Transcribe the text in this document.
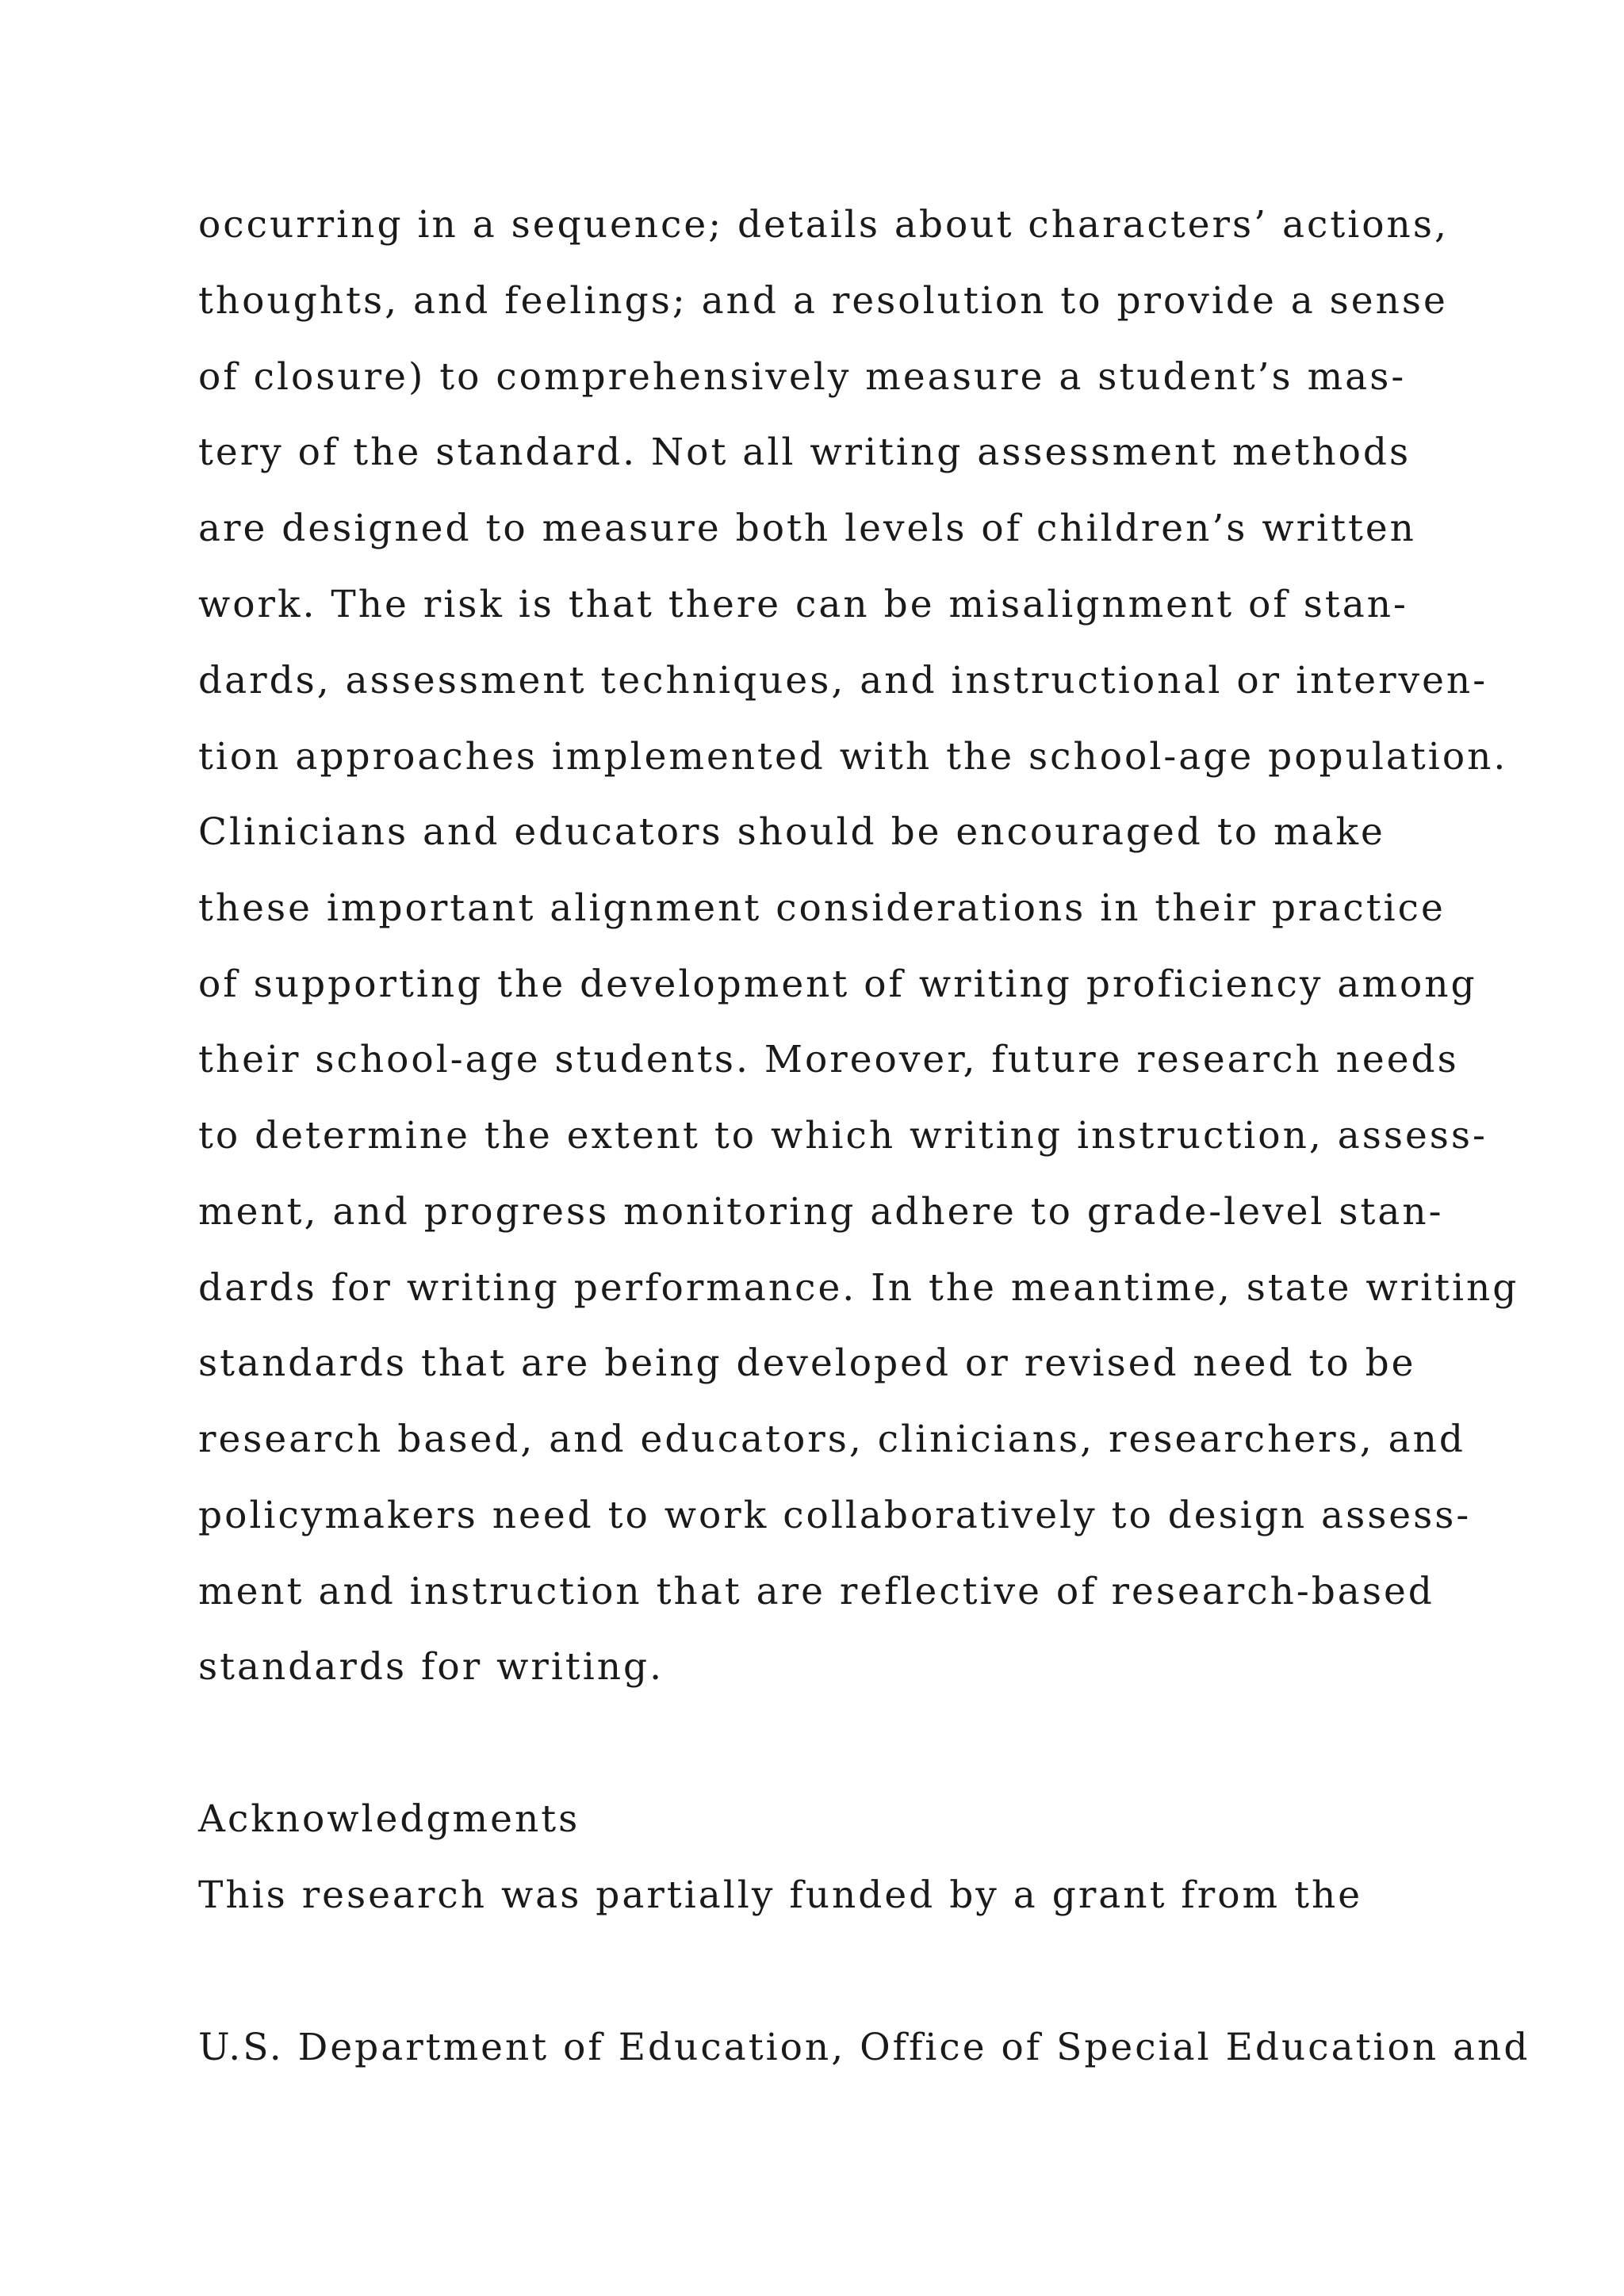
occurring in a sequence; details about characters’ actions,
thoughts, and feelings; and a resolution to provide a sense
of closure) to comprehensively measure a student’s mas-
tery of the standard. Not all writing assessment methods
are designed to measure both levels of children’s written
work. The risk is that there can be misalignment of stan-
dards, assessment techniques, and instructional or interven-
tion approaches implemented with the school-age population.
Clinicians and educators should be encouraged to make
these important alignment considerations in their practice
of supporting the development of writing proficiency among
their school-age students. Moreover, future research needs
to determine the extent to which writing instruction, assess-
ment, and progress monitoring adhere to grade-level stan-
dards for writing performance. In the meantime, state writing
standards that are being developed or revised need to be
research based, and educators, clinicians, researchers, and
policymakers need to work collaboratively to design assess-
ment and instruction that are reflective of research-based
standards for writing.
Acknowledgments
This research was partially funded by a grant from the
U.S. Department of Education, Office of Special Education and
